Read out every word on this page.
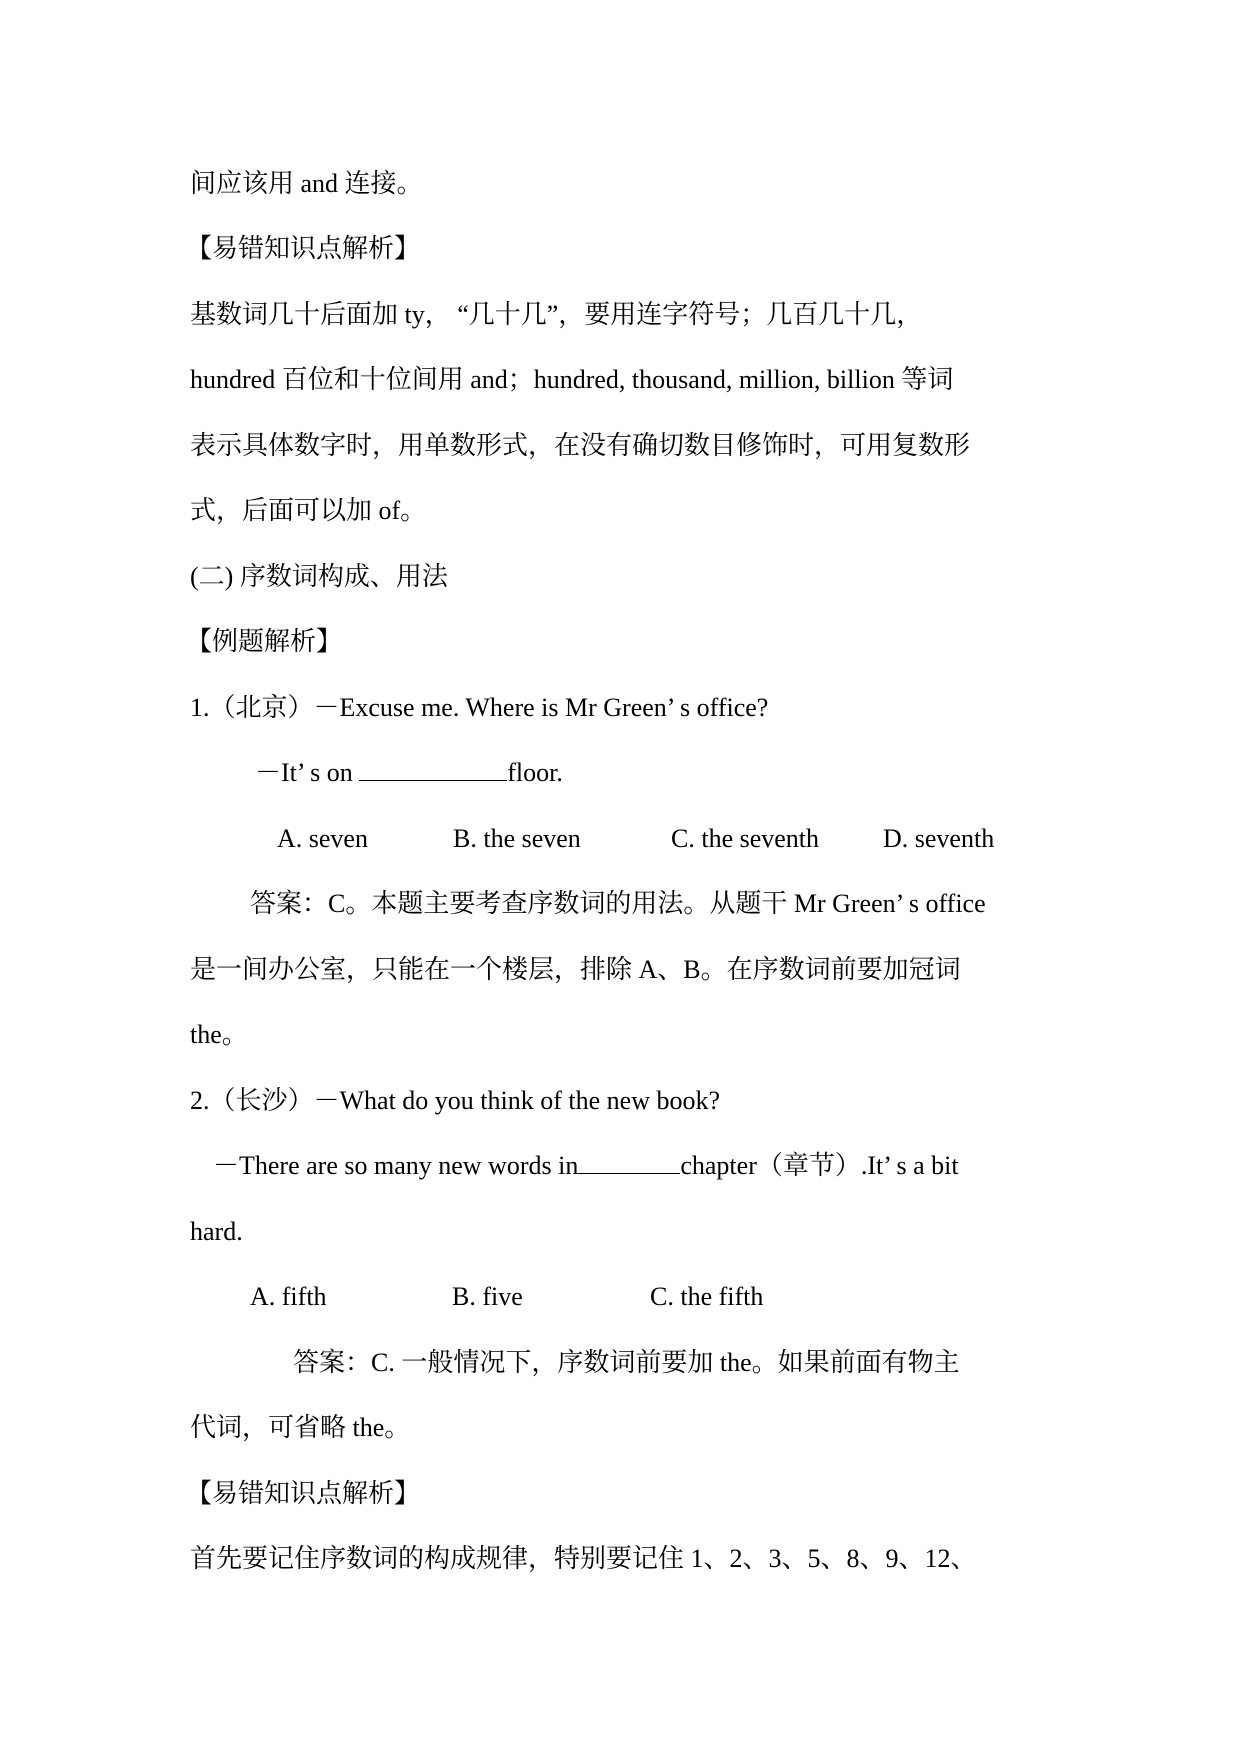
间应该用 and 连接。
【易错知识点解析】
基数词几十后面加 ty， “几十几”，要用连字符号；几百几十几，
hundred 百位和十位间用 and；hundred, thousand, million, billion 等词
表示具体数字时，用单数形式，在没有确切数目修饰时，可用复数形
式，后面可以加 of。
(二) 序数词构成、用法
【例题解析】
1.（北京）－Excuse me. Where is Mr Green’ s office?
－It’ s on	floor.
A. seven	B. the seven	C. the seventh D. seventh
答案：C。本题主要考查序数词的用法。从题干 Mr Green’ s office
是一间办公室，只能在一个楼层，排除 A、B。在序数词前要加冠词
the。
2.（长沙）－What do you think of the new book?
－There are so many new words in	chapter（章节）.It’ s a bit
hard.
A. fifth	B. five	C. the fifth
答案：C. 一般情况下，序数词前要加 the。如果前面有物主
代词，可省略 the。
【易错知识点解析】
首先要记住序数词的构成规律，特别要记住 1、2、3、5、8、9、12、
